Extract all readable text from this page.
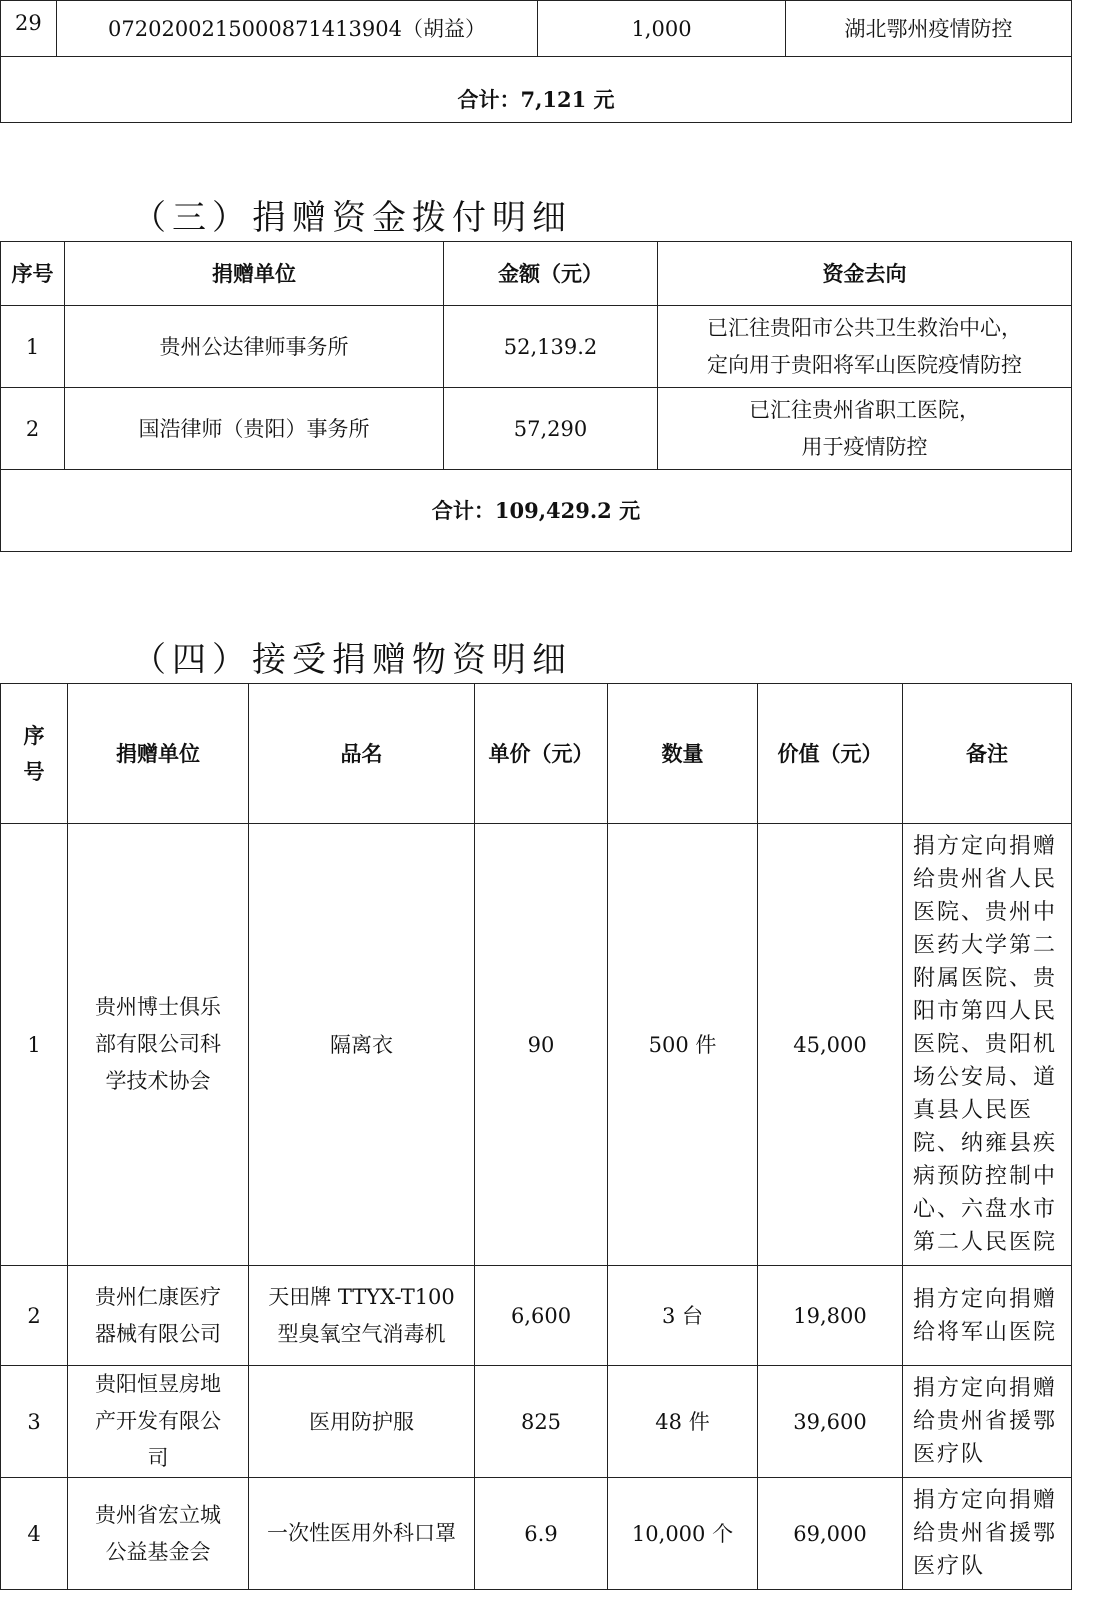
29	0720200215000871413904（胡益）	1,000	湖北鄂州疫情防控
合计：7,121 元
（三）捐赠资金拨付明细
序号	捐赠单位	金额（元）	资金去向
1	贵州公达律师事务所	52,139.2	已汇往贵阳市公共卫生救治中心，
定向用于贵阳将军山医院疫情防控

2	国浩律师（贵阳）事务所	57,290	已汇往贵州省职工医院，
用于疫情防控

合计：109,429.2 元			
（四）接受捐赠物资明细
序
号	捐赠单位	品名	单价（元）	数量	价值（元）	备注
1	贵州博士俱乐部有限公司科学技术协会	隔离衣	90	500 件	45,000	捐方定向捐赠给贵州省人民医院、贵州中医药大学第二附属医院、贵阳市第四人民医院、贵阳机场公安局、道真县人民医院、纳雍县疾病预防控制中心、六盘水市第二人民医院
2	贵州仁康医疗器械有限公司	天田牌 TTYX-T100 型臭氧空气消毒机	6,600	3 台	19,800	捐方定向捐赠给将军山医院
3	贵阳恒昱房地产开发有限公司	医用防护服	825	48 件	39,600	捐方定向捐赠给贵州省援鄂医疗队
4	贵州省宏立城公益基金会	一次性医用外科口罩	6.9	10,000 个	69,000	捐方定向捐赠给贵州省援鄂医疗队
